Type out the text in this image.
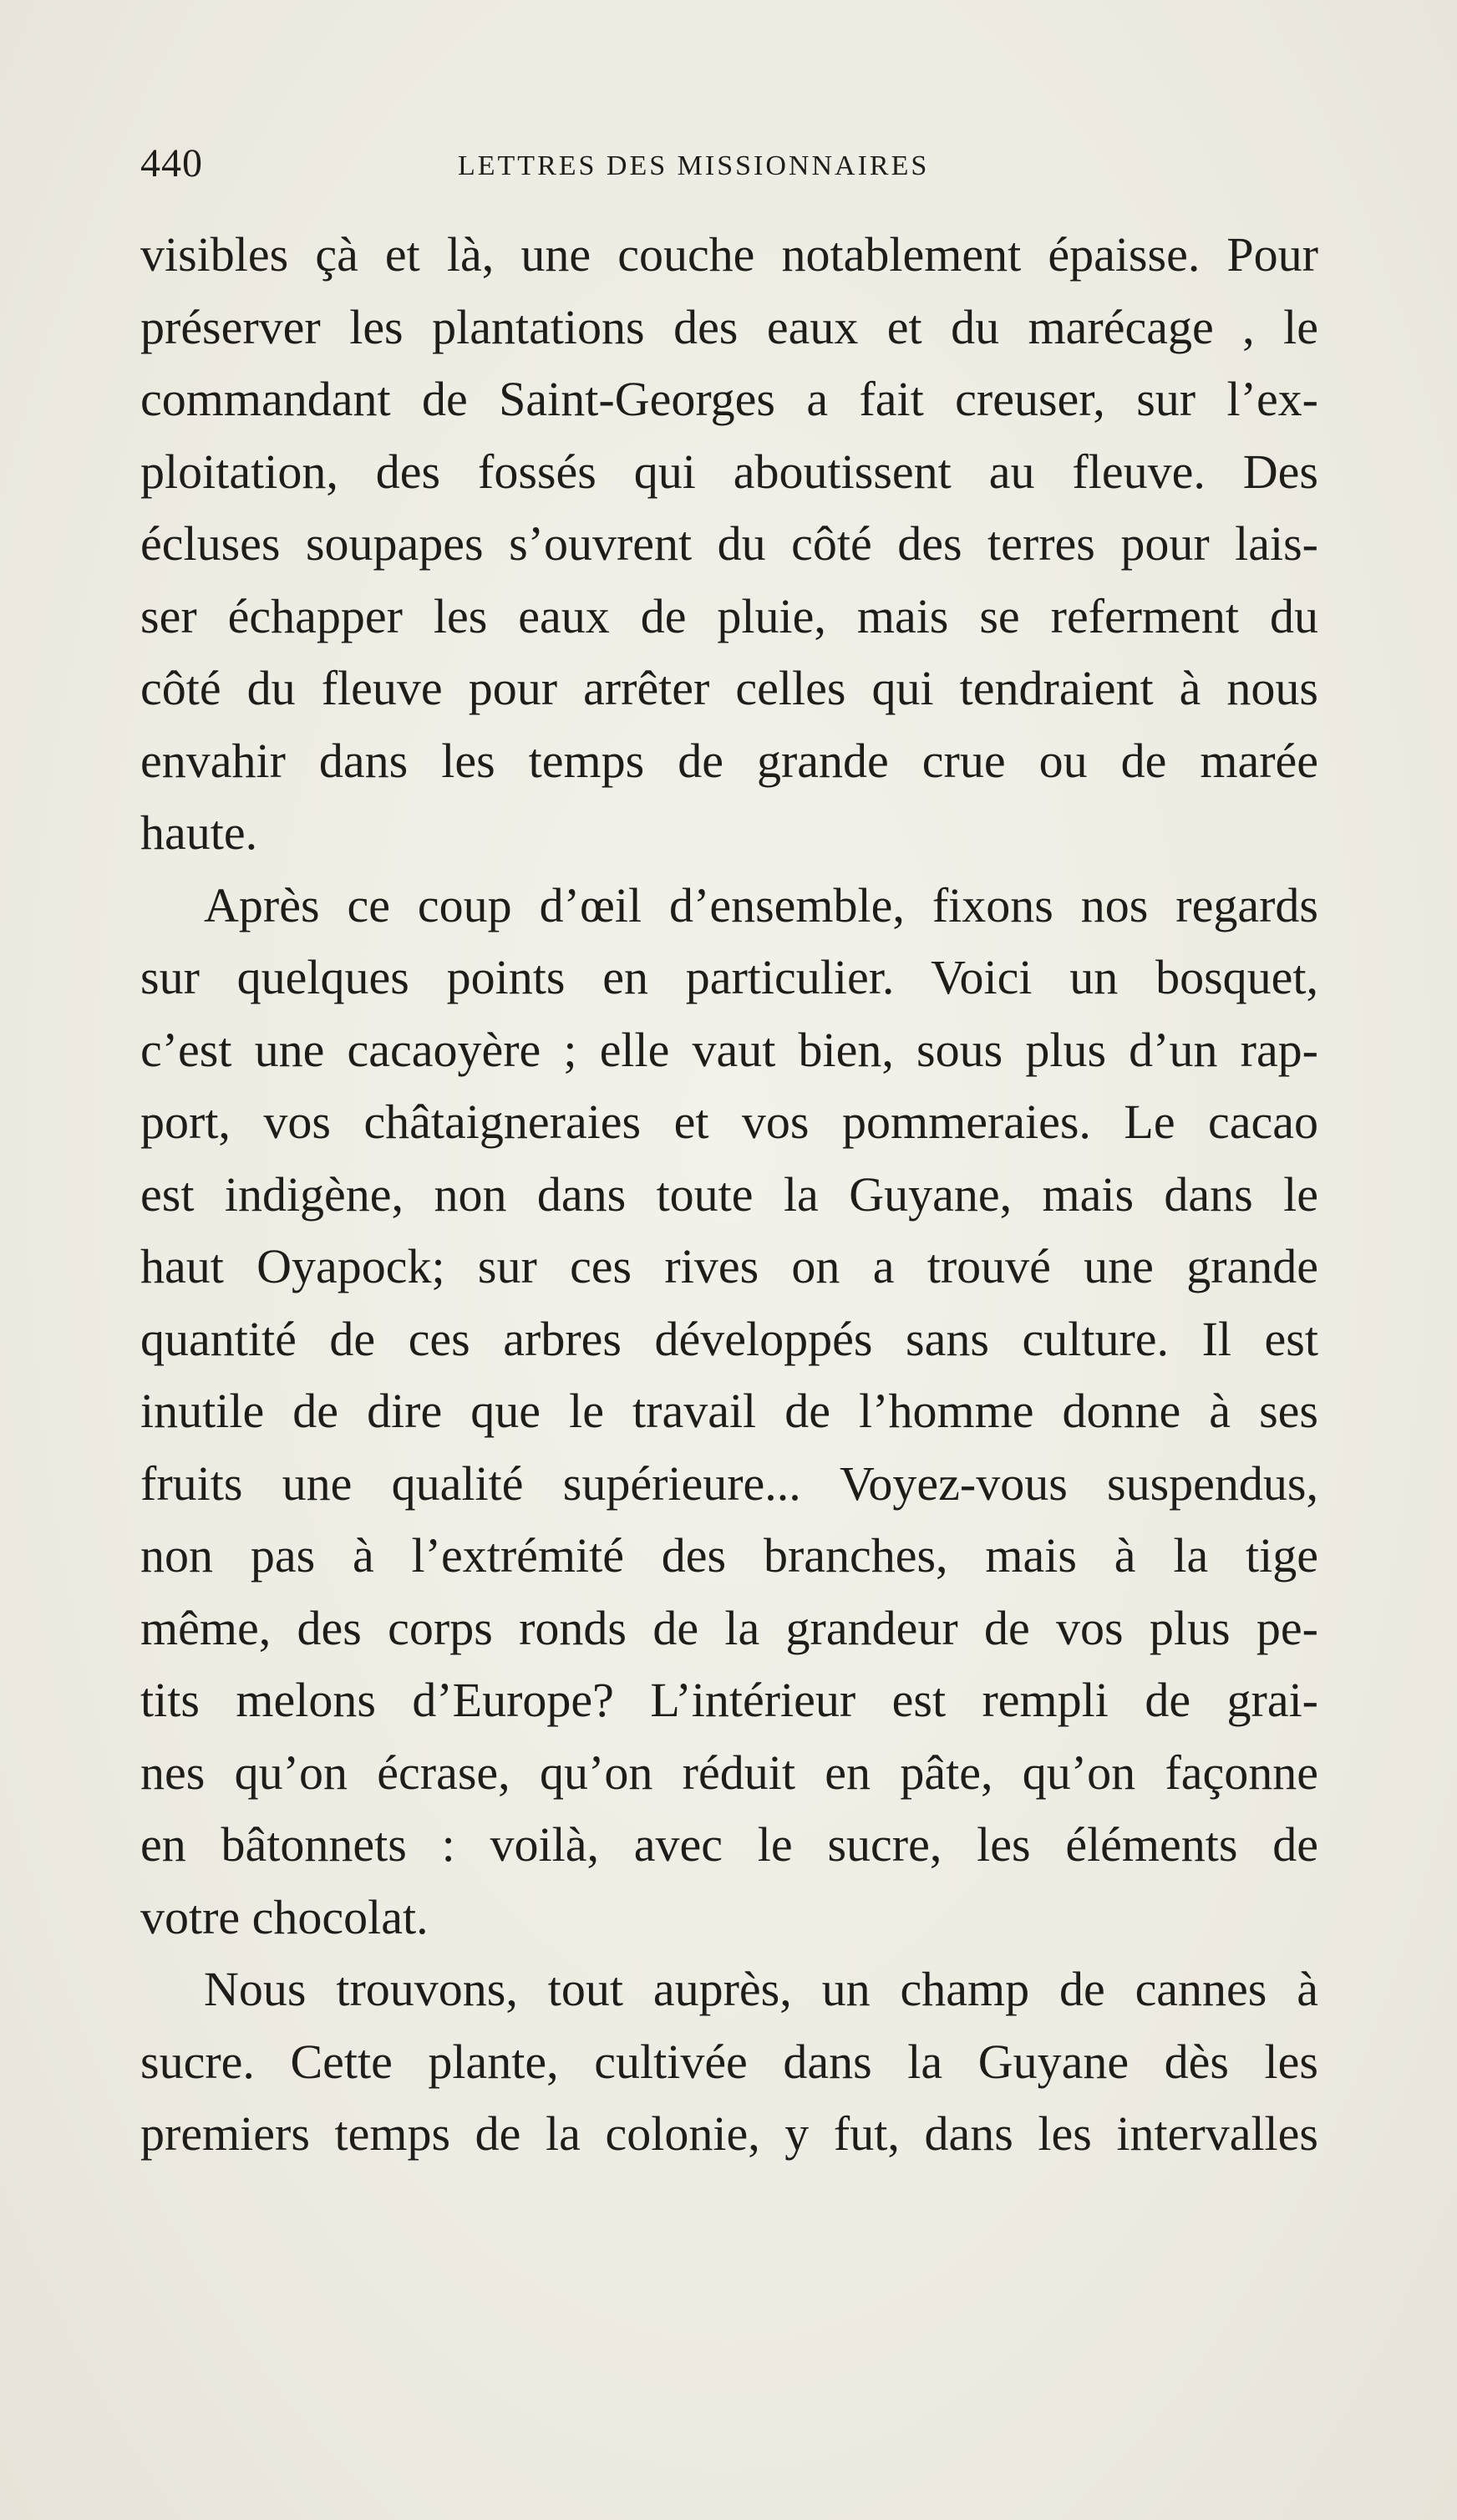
440	LETTRES DES MISSIONNAIRES
visibles çà et là, une couche notablement épaisse. Pour
préserver les plantations des eaux et du marécage , le
commandant de Saint-Georges a fait creuser, sur l’ex-
ploitation, des fossés qui aboutissent au fleuve. Des
écluses soupapes s’ouvrent du côté des terres pour lais-
ser échapper les eaux de pluie, mais se referment du
côté du fleuve pour arrêter celles qui tendraient à nous
envahir dans les temps de grande crue ou de marée
haute.
Après ce coup d’œil d’ensemble, fixons nos regards
sur quelques points en particulier. Voici un bosquet,
c’est une cacaoyère ; elle vaut bien, sous plus d’un rap-
port, vos châtaigneraies et vos pommeraies. Le cacao
est indigène, non dans toute la Guyane, mais dans le
haut Oyapock; sur ces rives on a trouvé une grande
quantité de ces arbres développés sans culture. Il est
inutile de dire que le travail de l’homme donne à ses
fruits une qualité supérieure... Voyez-vous suspendus,
non pas à l’extrémité des branches, mais à la tige
même, des corps ronds de la grandeur de vos plus pe-
tits melons d’Europe? L’intérieur est rempli de grai-
nes qu’on écrase, qu’on réduit en pâte, qu’on façonne
en bâtonnets : voilà, avec le sucre, les éléments de
votre chocolat.
Nous trouvons, tout auprès, un champ de cannes à
sucre. Cette plante, cultivée dans la Guyane dès les
premiers temps de la colonie, y fut, dans les intervalles
